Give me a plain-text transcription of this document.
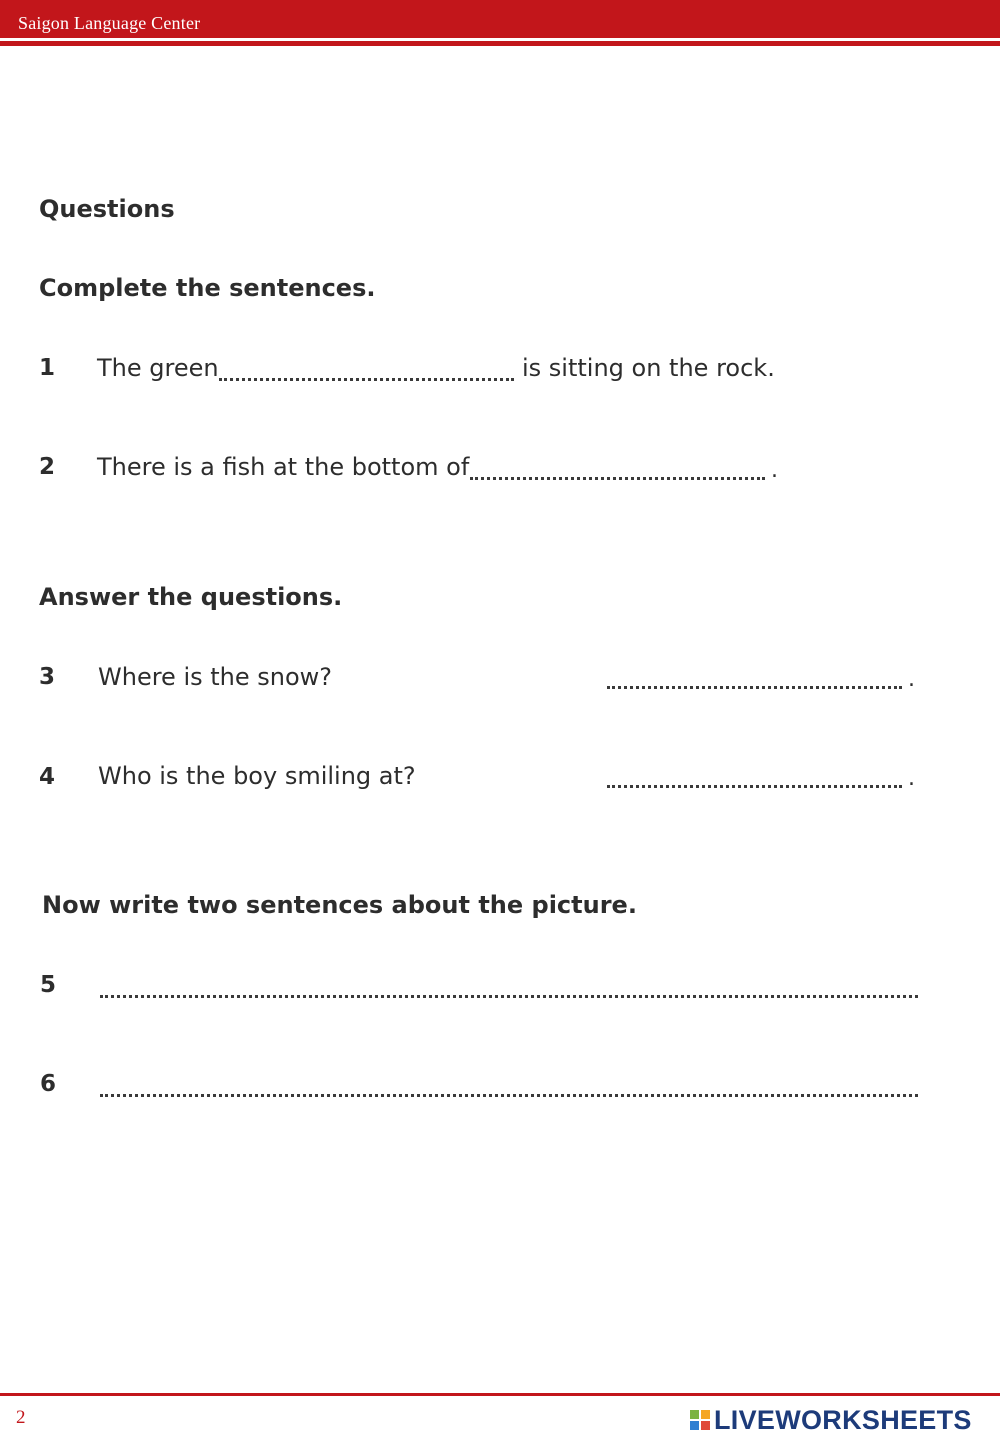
Saigon Language Center
Questions
Complete the sentences.
1 The green	is sitting on the rock.
2 There is a fish at the bottom of	.
Answer the questions.
3 Where is the snow?	.
4 Who is the boy smiling at?	.
Now write two sentences about the picture.
5
6
2	LIVEWORKSHEETS
